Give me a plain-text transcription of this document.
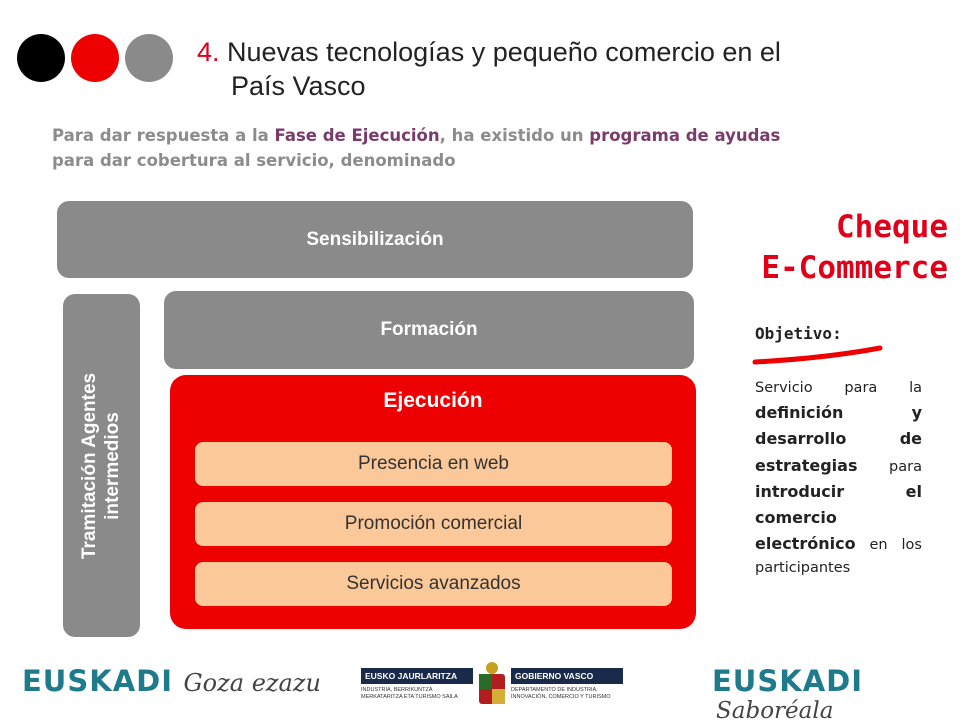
4. Nuevas tecnologías y pequeño comercio en el
País Vasco
Para dar respuesta a la Fase de Ejecución, ha existido un programa de ayudas para dar cobertura al servicio, denominado
Sensibilización
Formación
Tramitación Agentes
intermedios
Ejecución
Presencia en web
Promoción comercial
Servicios avanzados
Cheque
E-Commerce
Objetivo:
Servicio para la definición y desarrollo de estrategias para introducir el comercio electrónico en los participantes
EUSKADI Goza ezazu	EUSKO JAURLARITZA
INDUSTRIA, BERRIKUNTZA MERKATARITZA ETA TURISMO SAILA
GOBIERNO VASCO
DEPARTAMENTO DE INDUSTRIA, INNOVACIÓN, COMERCIO Y TURISMO	EUSKADI Saboréala
